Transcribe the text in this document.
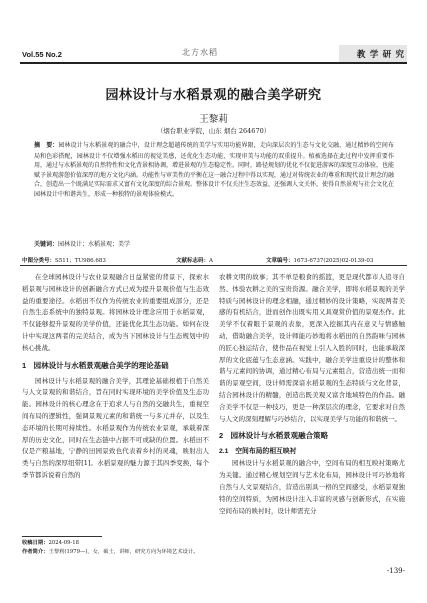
Vol.55 No.2	北方水稻	教 学 研 究
园林设计与水稻景观的融合美学研究
王黎莉
（烟台职业学院，山东 烟台 264670）
摘　要：园林设计与水稻景观的融合中，设计理念超越传统的美学与实用功能界限，走向深层次的生态与文化交融，通过精妙的空间布局和色彩搭配，园林设计不仅增强水稻田的视觉美感，还优化生态功能，实现审美与功能的双重提升。植被选择在此过程中发挥重要作用，通过与水稻景观的自然特性和文化背景相协调，增进景观的生态稳定性。同时，路径规划的优化不仅促进游客的深度互动体验，也能赋予景观游憩价值深厚的地方文化内涵。功能性与审美性的平衡在这一融合过程中得以实现，通过对传统农业的尊重和现代设计理念的融合，创造出一个既满足实际需求又富有文化深度的综合景观。整体设计不仅关注生态效益，还强调人文关怀，使得自然景观与社会文化在园林设计中和谐共生，形成一种独特的景观体验模式。
关键词：园林设计；水稻景观；美学
中图分类号：S511；TU986.683	文献标志码：A	文章编号：1673-6737(2025)02-0139-03

在全球园林设计与农业景观融合日益紧密的背景下，探索水稻景观与园林设计的创新融合方式已成为提升景观价值与生态效益的重要途径。水稻田不仅作为传统农业的重要组成部分，还是自然生态系统中的独特景观。将园林设计理念应用于水稻景观，不仅能够提升景观的美学价值，还能优化其生态功能。如何在设计中实现这两者的完美结合，成为当下园林设计与生态规划中的核心挑战。

1　园林设计与水稻景观融合美学的理论基础

园林设计与水稻景观的融合美学，其理论基础根植于自然美与人文景观的和谐结合，旨在同时实现环境的美学价值及生态功能。园林设计的核心理念在于追求人与自然的交融共生，重视空间布局的逻辑性，强调景观元素的和谐统一与多元并存，以及生态环境的长期可持续性。水稻景观作为传统农业景观，承载着深厚的历史文化，同时在生态链中占据不可或缺的位置。水稻田不仅是产粮基地，宁静的田园景致也代表着乡村的灵魂，映射出人类与自然的深厚纽带[1]。水稻景观的魅力源于其四季变换，每个季节都诉说着自然的

农耕文明的故事；其不单是粮食的摇篮，更是现代都市人追寻自然、体验农耕之美的宝贵资源。融合美学，即将水稻景观的美学特质与园林设计的理念相融，通过精妙的设计策略，实现两者美感的有机结合，进而创作出既实用又具观赏价值的景观杰作。此美学不仅着眼于景观的表象，更深入挖掘其内在意义与情感触动，借助融合美学，设计师能巧妙地将水稻田的自然韵味与园林的匠心独运结合，使作品在视觉上引人入胜的同时，也能承载深厚的文化底蕴与生态意涵。实践中，融合美学注重设计的整体和谐与元素间的协调，通过精心布局与元素组合，营造出统一而和谐的景观空间，设计师需深谙水稻景观的生态特质与文化背景，结合园林设计的精髓，创造出既美观又富含地域特色的作品。融合美学不仅是一种技巧，更是一种深层次的理念，它要求对自然与人文的深刻理解与巧妙结合，以实现美学与功能的和谐统一。

2　园林设计与水稻景观融合策略
2.1　空间布局的相互映衬

园林设计与水稻景观的融合中，空间布局的相互映衬策略尤为关键。通过精心规划空间与艺术化布局，园林设计可巧妙地将自然与人文景观结合，营造出别具一格的空间感受，水稻景观独特的空间特质，为园林设计注入丰富的灵感与创新形式，在实施空间布局的映衬时，设计师需充分

收稿日期：2024-09-18
作者简介：王黎莉(1979—)，女，硕士，讲师，研究方向为环境艺术设计。
-139-
